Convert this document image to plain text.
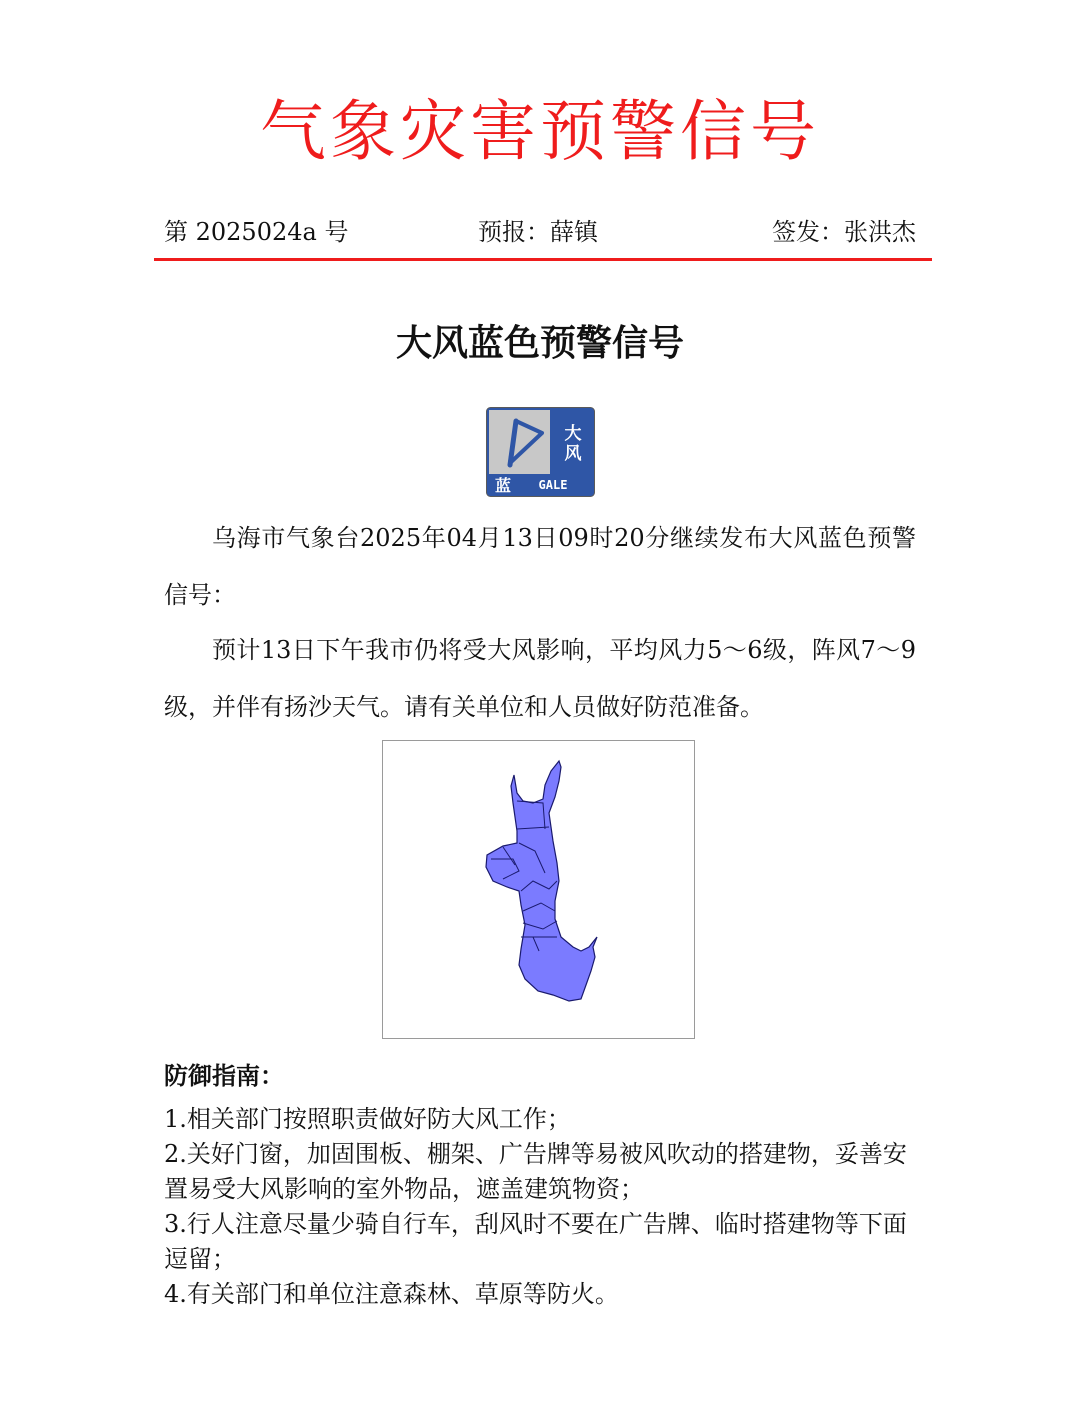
气象灾害预警信号
第 2025024a 号	预报：薛镇	签发：张洪杰
大风蓝色预警信号
大
风
蓝 GALE

乌海市气象台2025年04月13日09时20分继续发布大风蓝色预警信号：

预计13日下午我市仍将受大风影响，平均风力5～6级，阵风7～9级，并伴有扬沙天气。请有关单位和人员做好防范准备。

防御指南：
1.相关部门按照职责做好防大风工作；
2.关好门窗，加固围板、棚架、广告牌等易被风吹动的搭建物，妥善安置易受大风影响的室外物品，遮盖建筑物资；
3.行人注意尽量少骑自行车，刮风时不要在广告牌、临时搭建物等下面逗留；
4.有关部门和单位注意森林、草原等防火。
